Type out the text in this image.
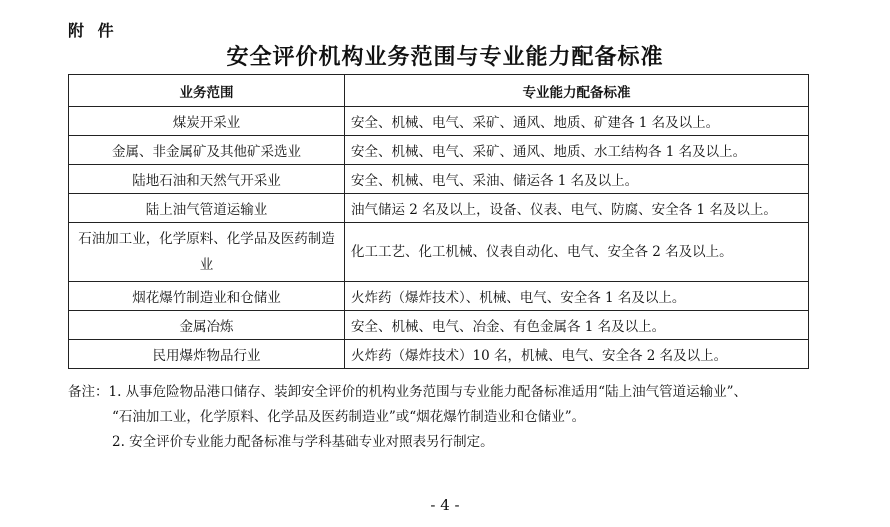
附 件
安全评价机构业务范围与专业能力配备标准
业务范围	专业能力配备标准
煤炭开采业	安全、机械、电气、采矿、通风、地质、矿建各 1 名及以上。
金属、非金属矿及其他矿采选业	安全、机械、电气、采矿、通风、地质、水工结构各 1 名及以上。
陆地石油和天然气开采业	安全、机械、电气、采油、储运各 1 名及以上。
陆上油气管道运输业	油气储运 2 名及以上，设备、仪表、电气、防腐、安全各 1 名及以上。
石油加工业，化学原料、化学品及医药制造业	化工工艺、化工机械、仪表自动化、电气、安全各 2 名及以上。
烟花爆竹制造业和仓储业	火炸药（爆炸技术）、机械、电气、安全各 1 名及以上。
金属冶炼	安全、机械、电气、冶金、有色金属各 1 名及以上。
民用爆炸物品行业	火炸药（爆炸技术）10 名，机械、电气、安全各 2 名及以上。
备注：1. 从事危险物品港口储存、装卸安全评价的机构业务范围与专业能力配备标准适用“陆上油气管道运输业”、
“石油加工业，化学原料、化学品及医药制造业”或“烟花爆竹制造业和仓储业”。
2. 安全评价专业能力配备标准与学科基础专业对照表另行制定。
- 4 -
